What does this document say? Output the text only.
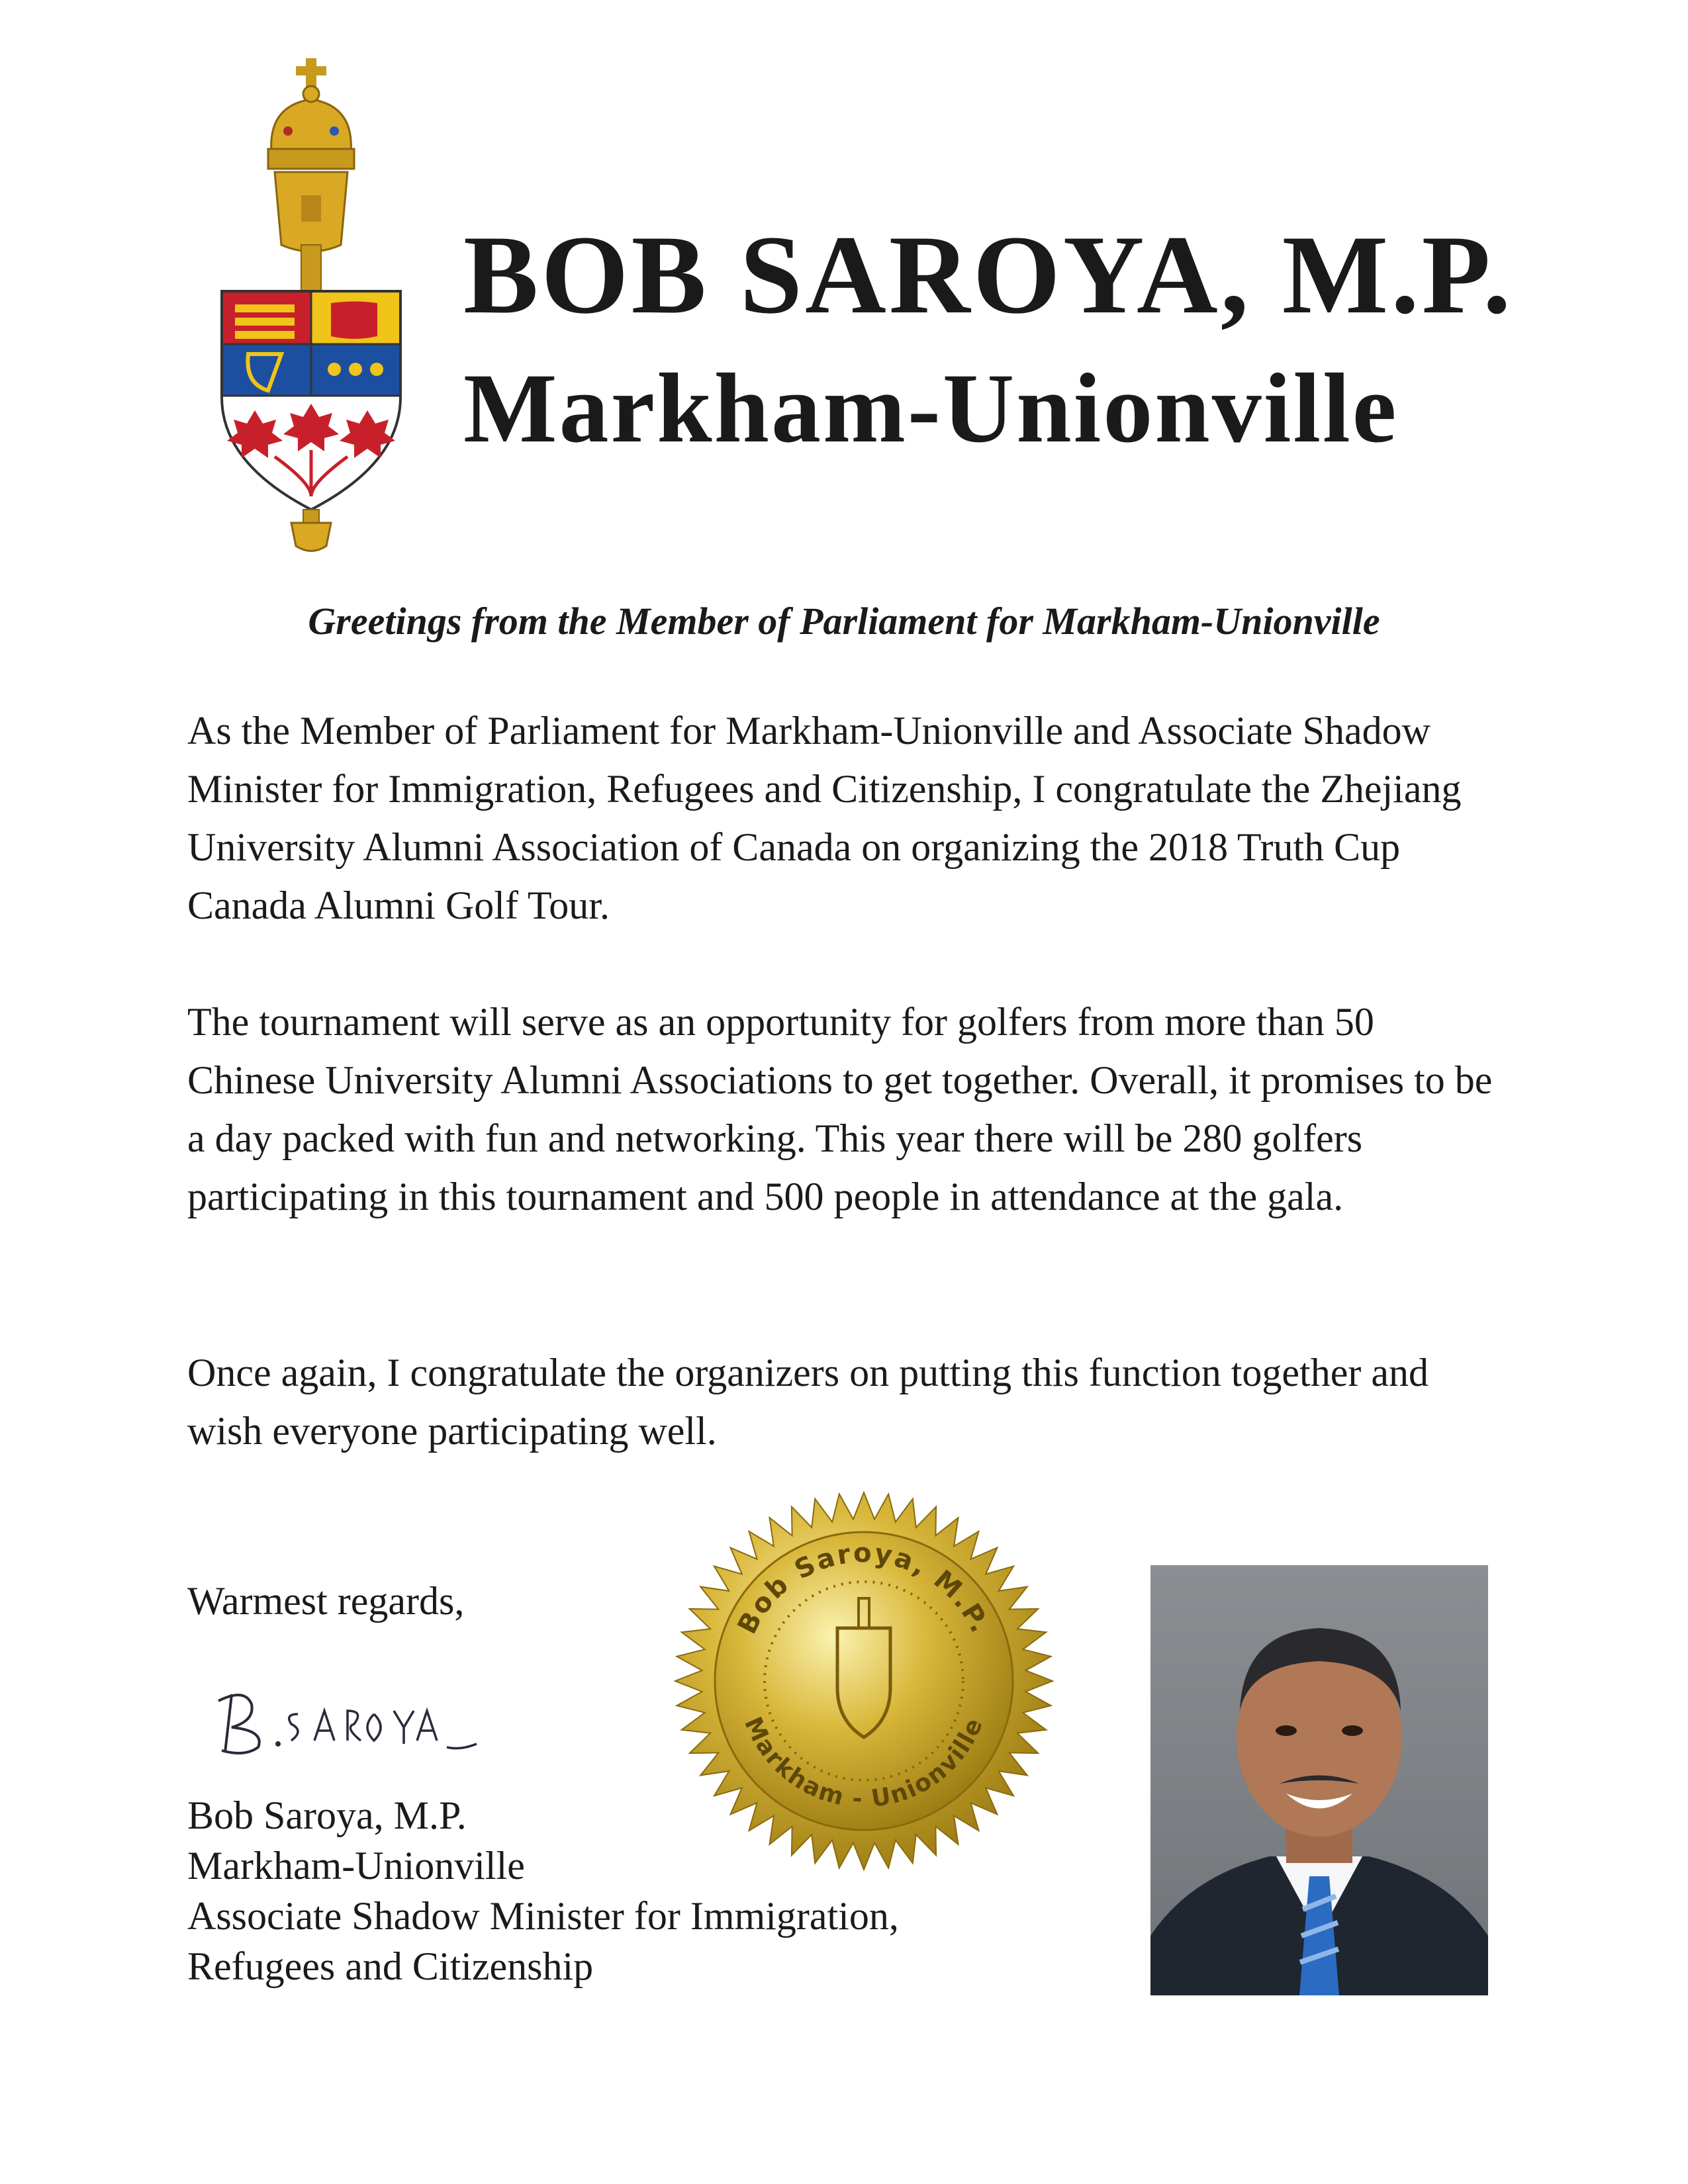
BOB SAROYA, M.P.
Markham-Unionville
Greetings from the Member of Parliament for Markham-Unionville
As the Member of Parliament for Markham-Unionville and Associate Shadow Minister for Immigration, Refugees and Citizenship, I congratulate the Zhejiang University Alumni Association of Canada on organizing the 2018 Truth Cup Canada Alumni Golf Tour.
The tournament will serve as an opportunity for golfers from more than 50 Chinese University Alumni Associations to get together. Overall, it promises to be a day packed with fun and networking. This year there will be 280 golfers participating in this tournament and 500 people in attendance at the gala.
Once again, I congratulate the organizers on putting this function together and wish everyone participating well.
Warmest regards,
Bob Saroya, M.P.
Markham-Unionville
Associate Shadow Minister for Immigration,
Refugees and Citizenship
Bob Saroya, M.P.
Markham - Unionville
